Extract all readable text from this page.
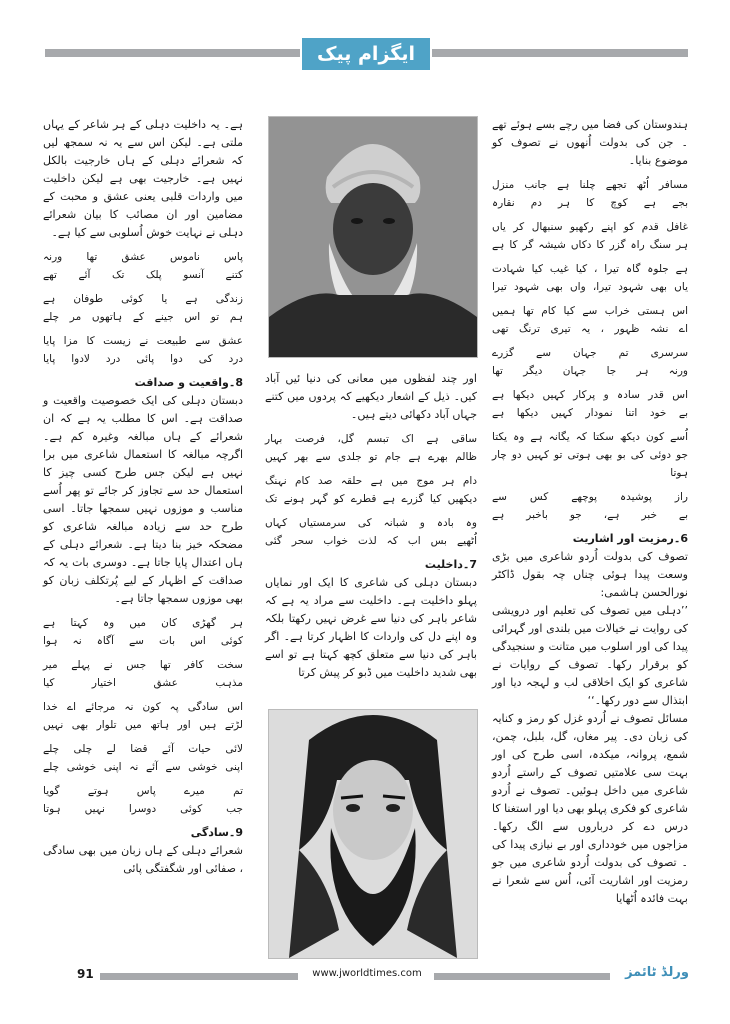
ایگزام پیک

ہندوستان کی فضا میں رچے بسے ہوئے تھے ۔ جن کی بدولت اُنھوں نے تصوف کو موضوع بنایا۔

مسافر اُٹھ تجھے چلنا ہے جانب منزل
بجے ہے کوچ کا ہر دم نقارہ
غافل قدم کو اپنے رکھیو سنبھال کر یاں
ہر سنگ راہ گزر کا دکاں شیشہ گر کا ہے
ہے جلوہ گاہ تیرا ، کیا غیب کیا شہادت
یاں بھی شہود تیرا، واں بھی شہود تیرا
اس ہستی خراب سے کیا کام تھا ہمیں
اے نشہ ظہور ، یہ تیری ترنگ تھی
سرسری تم جہان سے گزرے
ورنہ ہر جا جہان دیگر تھا
اس قدر سادہ و پرکار کہیں دیکھا ہے
بے خود اتنا نمودار کہیں دیکھا ہے
اُسے کون دیکھ سکتا کہ یگانہ ہے وہ یکتا
جو دوئی کی بو بھی ہوتی تو کہیں دو چار ہوتا
راز پوشیدہ پوچھے کس سے
بے خبر ہے، جو باخبر ہے
6۔رمزیت اور اشاریت

تصوف کی بدولت اُردو شاعری میں بڑی وسعت پیدا ہوئی چناں چہ بقول ڈاکٹر نورالحسن ہاشمی:

’’دہلی میں تصوف کی تعلیم اور درویشی کی روایت نے خیالات میں بلندی اور گہرائی پیدا کی اور اسلوب میں متانت و سنجیدگی کو برقرار رکھا۔ تصوف کے روایات نے شاعری کو ایک اخلاقی لب و لہجہ دیا اور ابتذال سے دور رکھا۔‘‘

مسائل تصوف نے اُردو غزل کو رمز و کنایہ کی زبان دی۔ پیر مغاں، گل، بلبل، چمن، شمع، پروانہ، میکدہ، اسی طرح کی اور بہت سی علامتیں تصوف کے راستے اُردو شاعری میں داخل ہوئیں۔ تصوف نے اُردو شاعری کو فکری پہلو بھی دیا اور استغنا کا درس دے کر درباروں سے الگ رکھا۔ مزاجوں میں خودداری اور بے نیازی پیدا کی ۔ تصوف کی بدولت اُردو شاعری میں جو رمزیت اور اشاریت آئی، اُس سے شعرا نے بہت فائدہ اُٹھایا

اور چند لفظوں میں معانی کی دنیا ئیں آباد کیں۔ ذیل کے اشعار دیکھیے کہ پردوں میں کتنے جہاں آباد دکھائی دیتے ہیں۔

ساقی ہے اک تبسم گل، فرصت بہار
ظالم بھرے ہے جام تو جلدی سے بھر کہیں
دام ہر موج میں ہے حلقہ صد کام نہنگ
دیکھیں کیا گزرے ہے قطرے کو گہر ہونے تک
وہ بادہ و شبانہ کی سرمستیاں کہاں
اُٹھیے بس اب کہ لذت خواب سحر گئی
7۔داخلیت

دبستان دہلی کی شاعری کا ایک اور نمایاں پہلو داخلیت ہے۔ داخلیت سے مراد یہ ہے کہ شاعر باہر کی دنیا سے غرض نہیں رکھتا بلکہ وہ اپنے دل کی واردات کا اظہار کرتا ہے۔ اگر باہر کی دنیا سے متعلق کچھ کہتا ہے تو اسے بھی شدید داخلیت میں ڈبو کر پیش کرتا

ہے۔ یہ داخلیت دہلی کے ہر شاعر کے یہاں ملتی ہے۔ لیکن اس سے یہ نہ سمجھ لیں کہ شعرائے دہلی کے ہاں خارجیت بالکل نہیں ہے۔ خارجیت بھی ہے لیکن داخلیت میں واردات قلبی یعنی عشق و محبت کے مضامین اور ان مصائب کا بیان شعرائے دہلی نے نہایت خوش اُسلوبی سے کیا ہے۔

پاس ناموس عشق تھا ورنہ
کتنے آنسو پلک تک آئے تھے
زندگی ہے یا کوئی طوفان ہے
ہم تو اس جینے کے ہاتھوں مر چلے
عشق سے طبیعت نے زیست کا مزا پایا
درد کی دوا پائی درد لادوا پایا
8۔واقعیت و صداقت

دبستان دہلی کی ایک خصوصیت واقعیت و صداقت ہے۔ اس کا مطلب یہ ہے کہ ان شعرائے کے ہاں مبالغہ وغیرہ کم ہے۔ اگرچہ مبالغہ کا استعمال شاعری میں برا نہیں ہے لیکن جس طرح کسی چیز کا استعمال حد سے تجاوز کر جائے تو پھر اُسے مناسب و موزوں نہیں سمجھا جاتا۔ اسی طرح حد سے زیادہ مبالغہ شاعری کو مضحکہ خیز بنا دیتا ہے۔ شعرائے دہلی کے ہاں اعتدال پایا جاتا ہے۔ دوسری بات یہ کہ صداقت کے اظہار کے لیے پُرتکلف زبان کو بھی موزوں سمجھا جاتا ہے۔

ہر گھڑی کان میں وہ کہتا ہے
کوئی اس بات سے آگاہ نہ ہوا
سخت کافر تھا جس نے پہلے میر
مذہب عشق اختیار کیا
اس سادگی پہ کون نہ مرجائے اے خدا
لڑتے ہیں اور ہاتھ میں تلوار بھی نہیں
لائی حیات آئے قضا لے چلی چلے
اپنی خوشی سے آئے نہ اپنی خوشی چلے
تم میرے پاس ہوتے گویا
جب کوئی دوسرا نہیں ہوتا
9۔سادگی

شعرائے دہلی کے ہاں زبان میں بھی سادگی ، صفائی اور شگفتگی پائی

91	www.jworldtimes.com	ورلڈ ٹائمز
